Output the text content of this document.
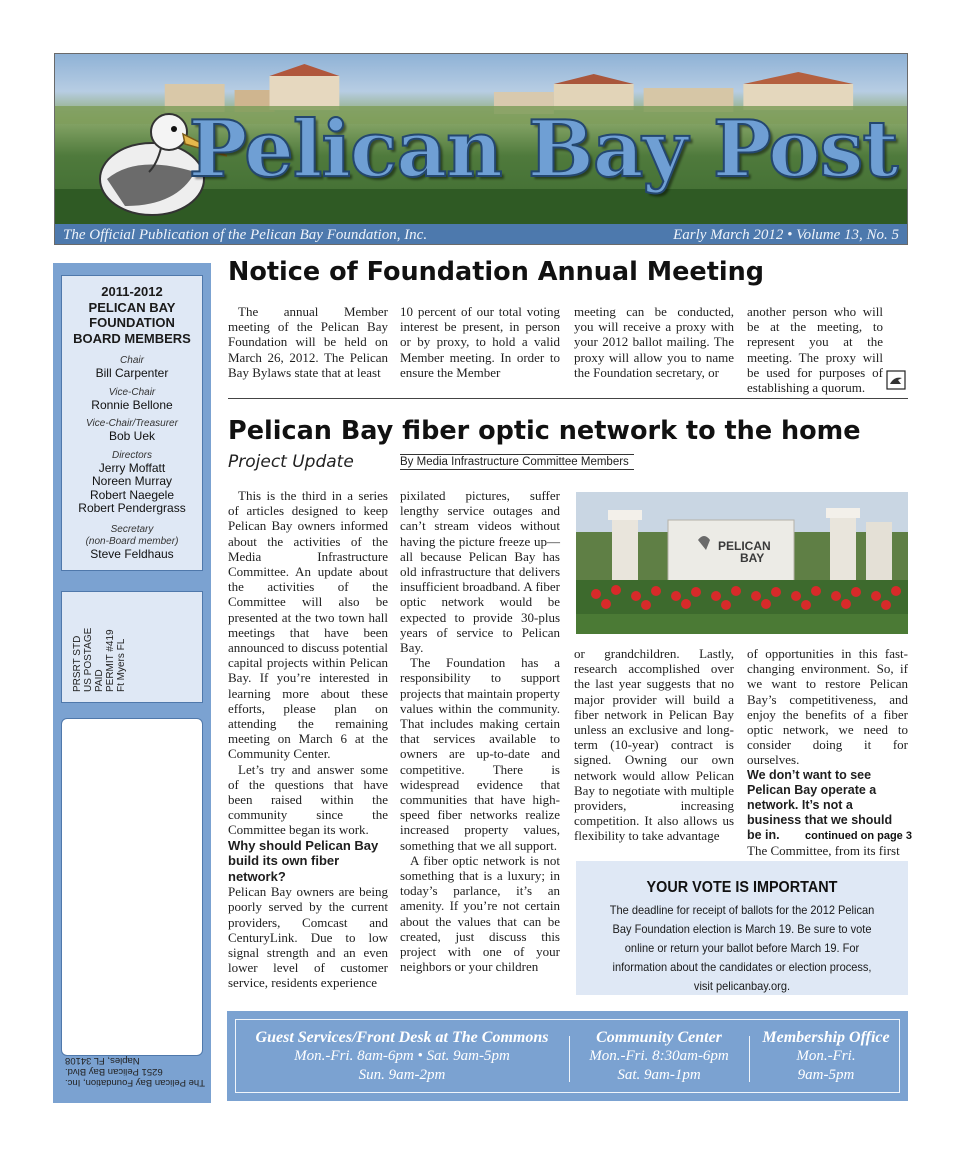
Pelican Bay Post
The Official Publication of the Pelican Bay Foundation, Inc.	Early March 2012 • Volume 13, No. 5
2011-2012
PELICAN BAY
FOUNDATION
BOARD MEMBERS
Chair
Bill Carpenter
Vice-Chair
Ronnie Bellone
Vice-Chair/Treasurer
Bob Uek
Directors
Jerry Moffatt
Noreen Murray
Robert Naegele
Robert Pendergrass
Secretary
(non-Board member)
Steve Feldhaus
PRSRT STD US POSTAGE PAID PERMIT #419 Ft Myers FL
The Pelican Bay Foundation, Inc.
6251 Pelican Bay Blvd.
Naples, FL 34108
Notice of Foundation Annual Meeting

The annual Member meeting of the Pelican Bay Foundation will be held on March 26, 2012. The Pelican Bay Bylaws state that at least

10 percent of our total voting interest be present, in person or by proxy, to hold a valid Member meeting. In order to ensure the Member

meeting can be conducted, you will receive a proxy with your 2012 ballot mailing. The proxy will allow you to name the Foundation secretary, or

another person who will be at the meeting, to represent you at the meeting. The proxy will be used for purposes of establishing a quorum.

Pelican Bay fiber optic network to the home
Project Update	By Media Infrastructure Committee Members

This is the third in a series of articles designed to keep Pelican Bay owners informed about the activities of the Media Infrastructure Committee. An update about the activities of the Committee will also be presented at the two town hall meetings that have been announced to discuss potential capital projects within Pelican Bay. If you’re interested in learning more about these efforts, please plan on attending the remaining meeting on March 6 at the Community Center.

Let’s try and answer some of the questions that have been raised within the community since the Committee began its work.

Why should Pelican Bay build its own fiber network?

Pelican Bay owners are being poorly served by the current providers, Comcast and CenturyLink. Due to low signal strength and an even lower level of customer service, residents experience

pixilated pictures, suffer lengthy service outages and can’t stream videos without having the picture freeze up—all because Pelican Bay has old infrastructure that delivers insufficient broadband. A fiber optic network would be expected to provide 30-plus years of service to Pelican Bay.

The Foundation has a responsibility to support projects that maintain property values within the community. That includes making certain that services available to owners are up-to-date and competitive. There is widespread evidence that communities that have high-speed fiber networks realize increased property values, something that we all support.

A fiber optic network is not something that is a luxury; in today’s parlance, it’s an amenity. If you’re not certain about the values that can be created, just discuss this project with one of your neighbors or your children

PELICAN
BAY

or grandchildren. Lastly, research accomplished over the last year suggests that no major provider will build a fiber network in Pelican Bay unless an exclusive and long-term (10-year) contract is signed. Owning our own network would allow Pelican Bay to negotiate with multiple providers, increasing competition. It also allows us flexibility to take advantage

of opportunities in this fast-changing environment. So, if we want to restore Pelican Bay’s competitiveness, and enjoy the benefits of a fiber optic network, we need to consider doing it for ourselves.

We don’t want to see Pelican Bay operate a network. It’s not a business that we should be in.

The Committee, from its first

continued on page 3
YOUR VOTE IS IMPORTANT
The deadline for receipt of ballots for the 2012 Pelican Bay Foundation election is March 19. Be sure to vote online or return your ballot before March 19. For information about the candidates or election process, visit pelicanbay.org.
Guest Services/Front Desk at The Commons
Mon.-Fri. 8am-6pm • Sat. 9am-5pm
Sun. 9am-2pm
Community Center
Mon.-Fri. 8:30am-6pm
Sat. 9am-1pm
Membership Office
Mon.-Fri.
9am-5pm
